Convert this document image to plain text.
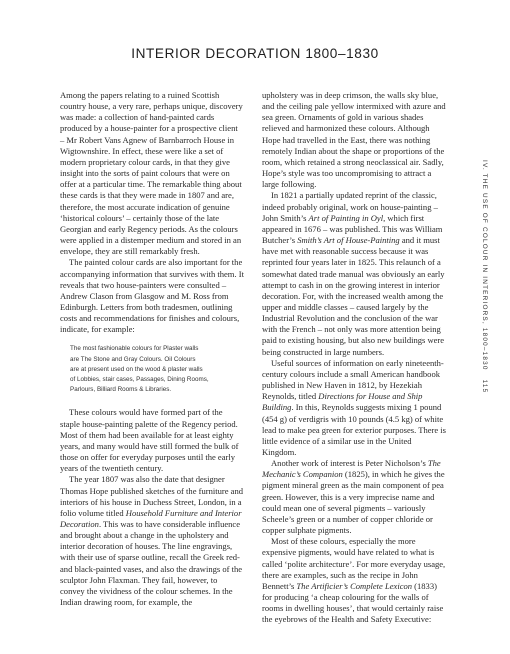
INTERIOR DECORATION 1800–1830

Among the papers relating to a ruined Scottish country house, a very rare, perhaps unique, discovery was made: a collection of hand-painted cards produced by a house-painter for a prospective client – Mr Robert Vans Agnew of Barnbarroch House in Wigtownshire. In effect, these were like a set of modern proprietary colour cards, in that they give insight into the sorts of paint colours that were on offer at a particular time. The remarkable thing about these cards is that they were made in 1807 and are, therefore, the most accurate indication of genuine ‘historical colours’ – certainly those of the late Georgian and early Regency periods. As the colours were applied in a distemper medium and stored in an envelope, they are still remarkably fresh.

The painted colour cards are also important for the accompanying information that survives with them. It reveals that two house-painters were consulted – Andrew Clason from Glasgow and M. Ross from Edinburgh. Letters from both tradesmen, outlining costs and recommendations for finishes and colours, indicate, for example:

The most fashionable colours for Plaster walls
are The Stone and Gray Colours. Oil Colours
are at present used on the wood & plaster walls
of Lobbies, stair cases, Passages, Dining Rooms,
Parlours, Billiard Rooms & Libraries.

These colours would have formed part of the staple house-painting palette of the Regency period. Most of them had been available for at least eighty years, and many would have still formed the bulk of those on offer for everyday purposes until the early years of the twentieth century.

The year 1807 was also the date that designer Thomas Hope published sketches of the furniture and interiors of his house in Duchess Street, London, in a folio volume titled Household Furniture and Interior Decoration. This was to have considerable influence and brought about a change in the upholstery and interior decoration of houses. The line engravings, with their use of sparse outline, recall the Greek red- and black-painted vases, and also the drawings of the sculptor John Flaxman. They fail, however, to convey the vividness of the colour schemes. In the Indian drawing room, for example, the

upholstery was in deep crimson, the walls sky blue, and the ceiling pale yellow intermixed with azure and sea green. Ornaments of gold in various shades relieved and harmonized these colours. Although Hope had travelled in the East, there was nothing remotely Indian about the shape or proportions of the room, which retained a strong neoclassical air. Sadly, Hope’s style was too uncompromising to attract a large following.

In 1821 a partially updated reprint of the classic, indeed probably original, work on house-painting – John Smith’s Art of Painting in Oyl, which first appeared in 1676 – was published. This was William Butcher’s Smith’s Art of House-Painting and it must have met with reasonable success because it was reprinted four years later in 1825. This relaunch of a somewhat dated trade manual was obviously an early attempt to cash in on the growing interest in interior decoration. For, with the increased wealth among the upper and middle classes – caused largely by the Industrial Revolution and the conclusion of the war with the French – not only was more attention being paid to existing housing, but also new buildings were being constructed in large numbers.

Useful sources of information on early nineteenth-century colours include a small American handbook published in New Haven in 1812, by Hezekiah Reynolds, titled Directions for House and Ship Building. In this, Reynolds suggests mixing 1 pound (454 g) of verdigris with 10 pounds (4.5 kg) of white lead to make pea green for exterior purposes. There is little evidence of a similar use in the United Kingdom.

Another work of interest is Peter Nicholson’s The Mechanic’s Companion (1825), in which he gives the pigment mineral green as the main component of pea green. However, this is a very imprecise name and could mean one of several pigments – variously Scheele’s green or a number of copper chloride or copper sulphate pigments.

Most of these colours, especially the more expensive pigments, would have related to what is called ‘polite architecture’. For more everyday usage, there are examples, such as the recipe in John Bennett’s The Artificier’s Complete Lexicon (1833) for producing ‘a cheap colouring for the walls of rooms in dwelling houses’, that would certainly raise the eyebrows of the Health and Safety Executive:

IV. THE USE OF COLOUR IN INTERIORS, 1800–1830   115
